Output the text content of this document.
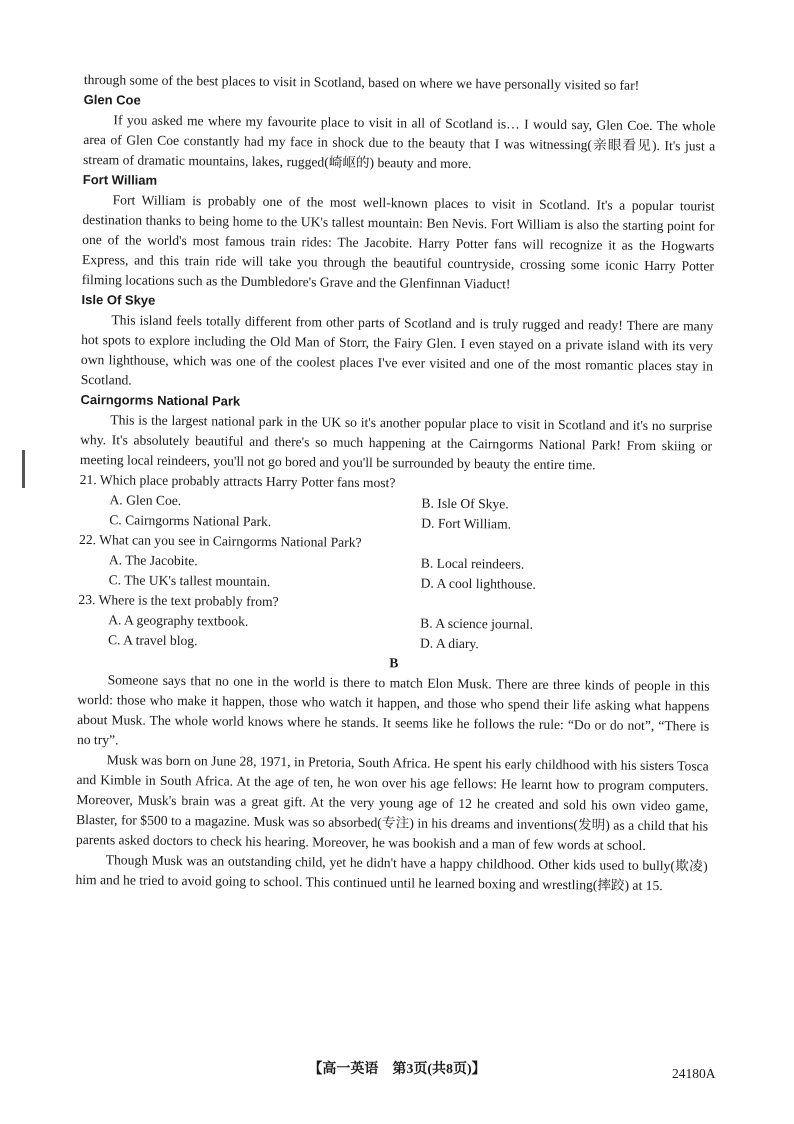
through some of the best places to visit in Scotland, based on where we have personally visited so far!

Glen Coe

If you asked me where my favourite place to visit in all of Scotland is… I would say, Glen Coe. The whole area of Glen Coe constantly had my face in shock due to the beauty that I was witnessing(亲眼看见). It's just a stream of dramatic mountains, lakes, rugged(崎岖的) beauty and more.

Fort William

Fort William is probably one of the most well-known places to visit in Scotland. It's a popular tourist destination thanks to being home to the UK's tallest mountain: Ben Nevis. Fort William is also the starting point for one of the world's most famous train rides: The Jacobite. Harry Potter fans will recognize it as the Hogwarts Express, and this train ride will take you through the beautiful countryside, crossing some iconic Harry Potter filming locations such as the Dumbledore's Grave and the Glenfinnan Viaduct!

Isle Of Skye

This island feels totally different from other parts of Scotland and is truly rugged and ready! There are many hot spots to explore including the Old Man of Storr, the Fairy Glen. I even stayed on a private island with its very own lighthouse, which was one of the coolest places I've ever visited and one of the most romantic places stay in Scotland.

Cairngorms National Park

This is the largest national park in the UK so it's another popular place to visit in Scotland and it's no surprise why. It's absolutely beautiful and there's so much happening at the Cairngorms National Park! From skiing or meeting local reindeers, you'll not go bored and you'll be surrounded by beauty the entire time.

21. Which place probably attracts Harry Potter fans most?

A. Glen Coe.	B. Isle Of Skye.
C. Cairngorms National Park.	D. Fort William.

22. What can you see in Cairngorms National Park?

A. The Jacobite.	B. Local reindeers.
C. The UK's tallest mountain.	D. A cool lighthouse.

23. Where is the text probably from?

A. A geography textbook.	B. A science journal.
C. A travel blog.	D. A diary.

B

Someone says that no one in the world is there to match Elon Musk. There are three kinds of people in this world: those who make it happen, those who watch it happen, and those who spend their life asking what happens about Musk. The whole world knows where he stands. It seems like he follows the rule: “Do or do not”, “There is no try”.

Musk was born on June 28, 1971, in Pretoria, South Africa. He spent his early childhood with his sisters Tosca and Kimble in South Africa. At the age of ten, he won over his age fellows: He learnt how to program computers. Moreover, Musk's brain was a great gift. At the very young age of 12 he created and sold his own video game, Blaster, for $500 to a magazine. Musk was so absorbed(专注) in his dreams and inventions(发明) as a child that his parents asked doctors to check his hearing. Moreover, he was bookish and a man of few words at school.

Though Musk was an outstanding child, yet he didn't have a happy childhood. Other kids used to bully(欺凌) him and he tried to avoid going to school. This continued until he learned boxing and wrestling(摔跤) at 15.

【高一英语　第3页(共8页)】	24180A
